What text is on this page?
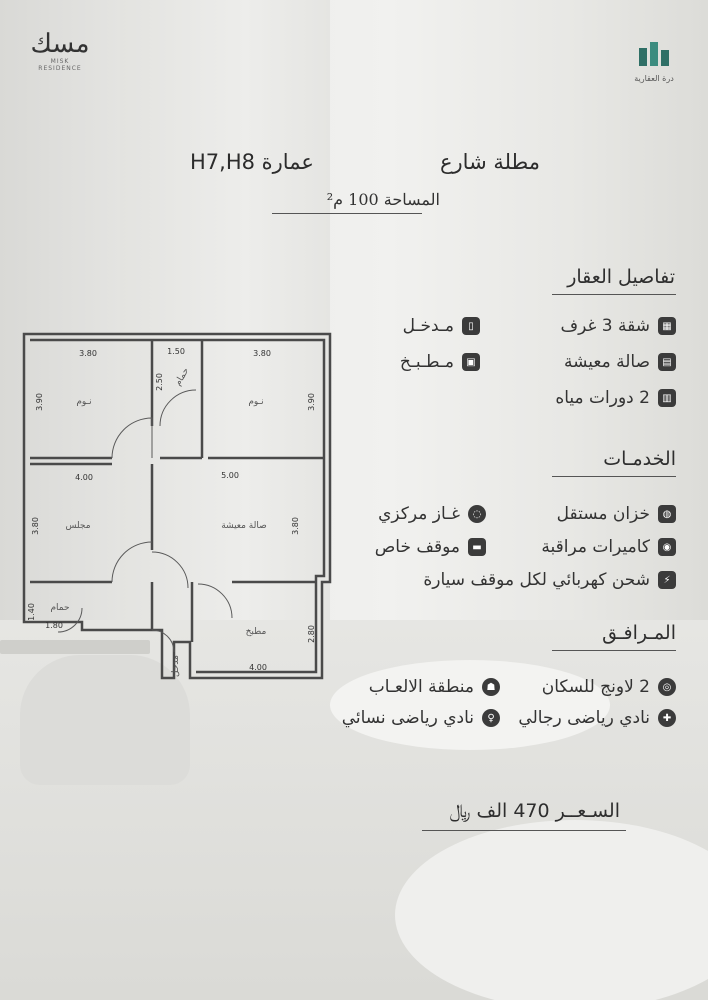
مسك
MISK RESIDENCE
درة العقارية
مطلة شارع
عمارة H7,H8
المساحة 100 م²
تفاصيل العقار
▦
شقة 3 غرف
▤
صالة معيشة
▥
2 دورات مياه
▯
مـدخـل
▣
مـطـبـخ
الخدمـات
◍
خزان مستقل
◉
كاميرات مراقبة
⚡
شحن كهربائي لكل موقف سيارة
◌
غـاز مركزي
▬
موقف خاص
المـرافـق
◎
2 لاونج للسكان
✚
نادي رياضى رجالي
☗
منطقة الالعـاب
♀
نادي رياضى نسائي
السـعــر 470 الف ﷼
نـوم	نـوم
حمام
مجلس	صالة معيشة
حمام
مطبخ
مدخل
3.80	1.50	3.80
2.50
3.90	3.90
4.00	5.00
3.80	3.80
1.40
1.80	2.80
4.00
